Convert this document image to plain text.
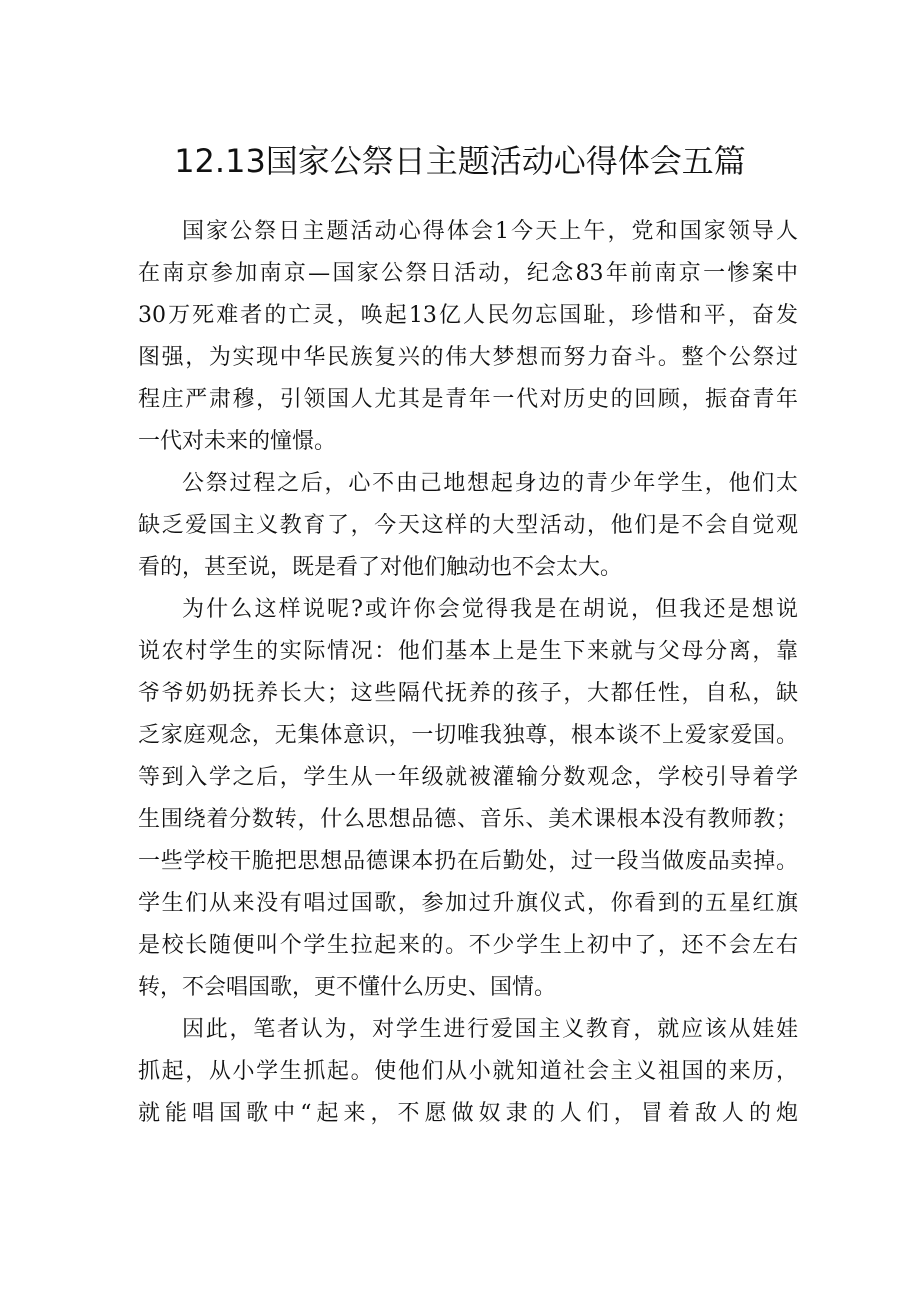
12.13国家公祭日主题活动心得体会五篇
国家公祭日主题活动心得体会1今天上午，党和国家领导人
在南京参加南京—国家公祭日活动，纪念83年前南京一惨案中
30万死难者的亡灵，唤起13亿人民勿忘国耻，珍惜和平，奋发
图强，为实现中华民族复兴的伟大梦想而努力奋斗。整个公祭过
程庄严肃穆，引领国人尤其是青年一代对历史的回顾，振奋青年
一代对未来的憧憬。
公祭过程之后，心不由己地想起身边的青少年学生，他们太
缺乏爱国主义教育了，今天这样的大型活动，他们是不会自觉观
看的，甚至说，既是看了对他们触动也不会太大。
为什么这样说呢?或许你会觉得我是在胡说，但我还是想说
说农村学生的实际情况：他们基本上是生下来就与父母分离，靠
爷爷奶奶抚养长大；这些隔代抚养的孩子，大都任性，自私，缺
乏家庭观念，无集体意识，一切唯我独尊，根本谈不上爱家爱国。
等到入学之后，学生从一年级就被灌输分数观念，学校引导着学
生围绕着分数转，什么思想品德、音乐、美术课根本没有教师教；
一些学校干脆把思想品德课本扔在后勤处，过一段当做废品卖掉。
学生们从来没有唱过国歌，参加过升旗仪式，你看到的五星红旗
是校长随便叫个学生拉起来的。不少学生上初中了，还不会左右
转，不会唱国歌，更不懂什么历史、国情。
因此，笔者认为，对学生进行爱国主义教育，就应该从娃娃
抓起，从小学生抓起。使他们从小就知道社会主义祖国的来历，
就能唱国歌中“起来，不愿做奴隶的人们，冒着敌人的炮
